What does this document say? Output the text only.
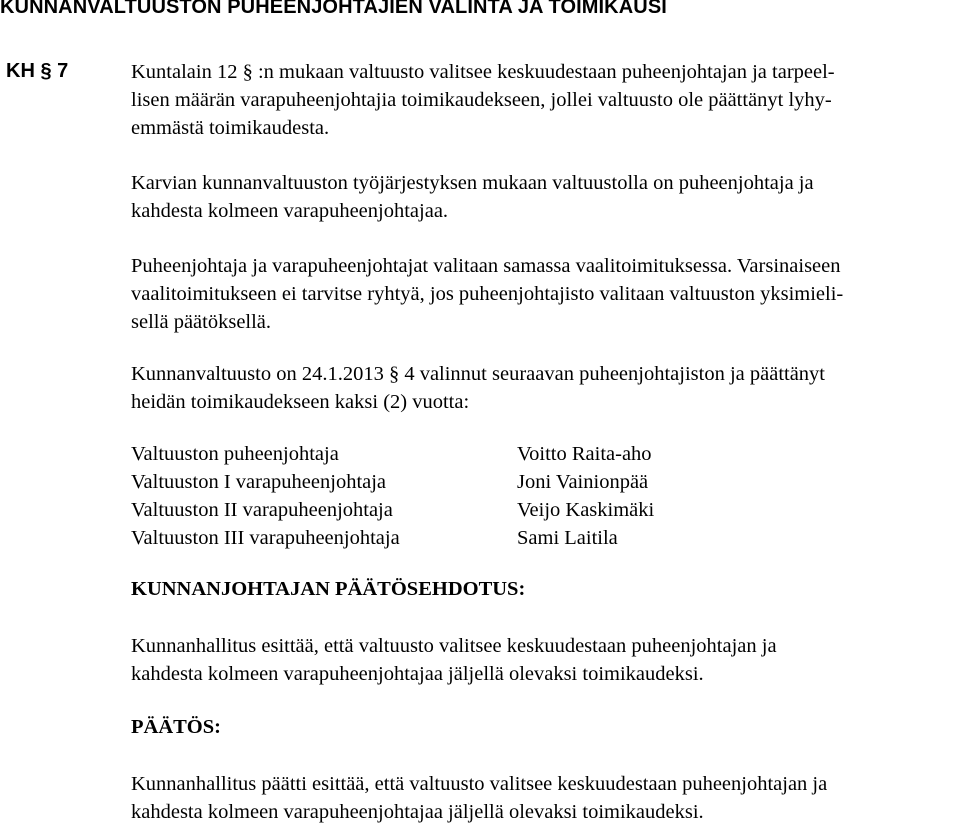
KUNNANVALTUUSTON PUHEENJOHTAJIEN VALINTA JA TOIMIKAUSI
KH § 7	Kuntalain 12 § :n mukaan valtuusto valitsee keskuudestaan puheenjohtajan ja tarpeel-
lisen määrän varapuheenjohtajia toimikaudekseen, jollei valtuusto ole päättänyt lyhy-
emmästä toimikaudesta.
Karvian kunnanvaltuuston työjärjestyksen mukaan valtuustolla on puheenjohtaja ja
kahdesta kolmeen varapuheenjohtajaa.
Puheenjohtaja ja varapuheenjohtajat valitaan samassa vaalitoimituksessa. Varsinaiseen
vaalitoimitukseen ei tarvitse ryhtyä, jos puheenjohtajisto valitaan valtuuston yksimieli-
sellä päätöksellä.
Kunnanvaltuusto on 24.1.2013 § 4 valinnut seuraavan puheenjohtajiston ja päättänyt
heidän toimikaudekseen kaksi (2) vuotta:
Valtuuston puheenjohtaja	Voitto Raita-aho
Valtuuston I varapuheenjohtaja	Joni Vainionpää
Valtuuston II varapuheenjohtaja	Veijo Kaskimäki
Valtuuston III varapuheenjohtaja	Sami Laitila
KUNNANJOHTAJAN PÄÄTÖSEHDOTUS:
Kunnanhallitus esittää, että valtuusto valitsee keskuudestaan puheenjohtajan ja
kahdesta kolmeen varapuheenjohtajaa jäljellä olevaksi toimikaudeksi.
PÄÄTÖS:
Kunnanhallitus päätti esittää, että valtuusto valitsee keskuudestaan puheenjohtajan ja
kahdesta kolmeen varapuheenjohtajaa jäljellä olevaksi toimikaudeksi.
